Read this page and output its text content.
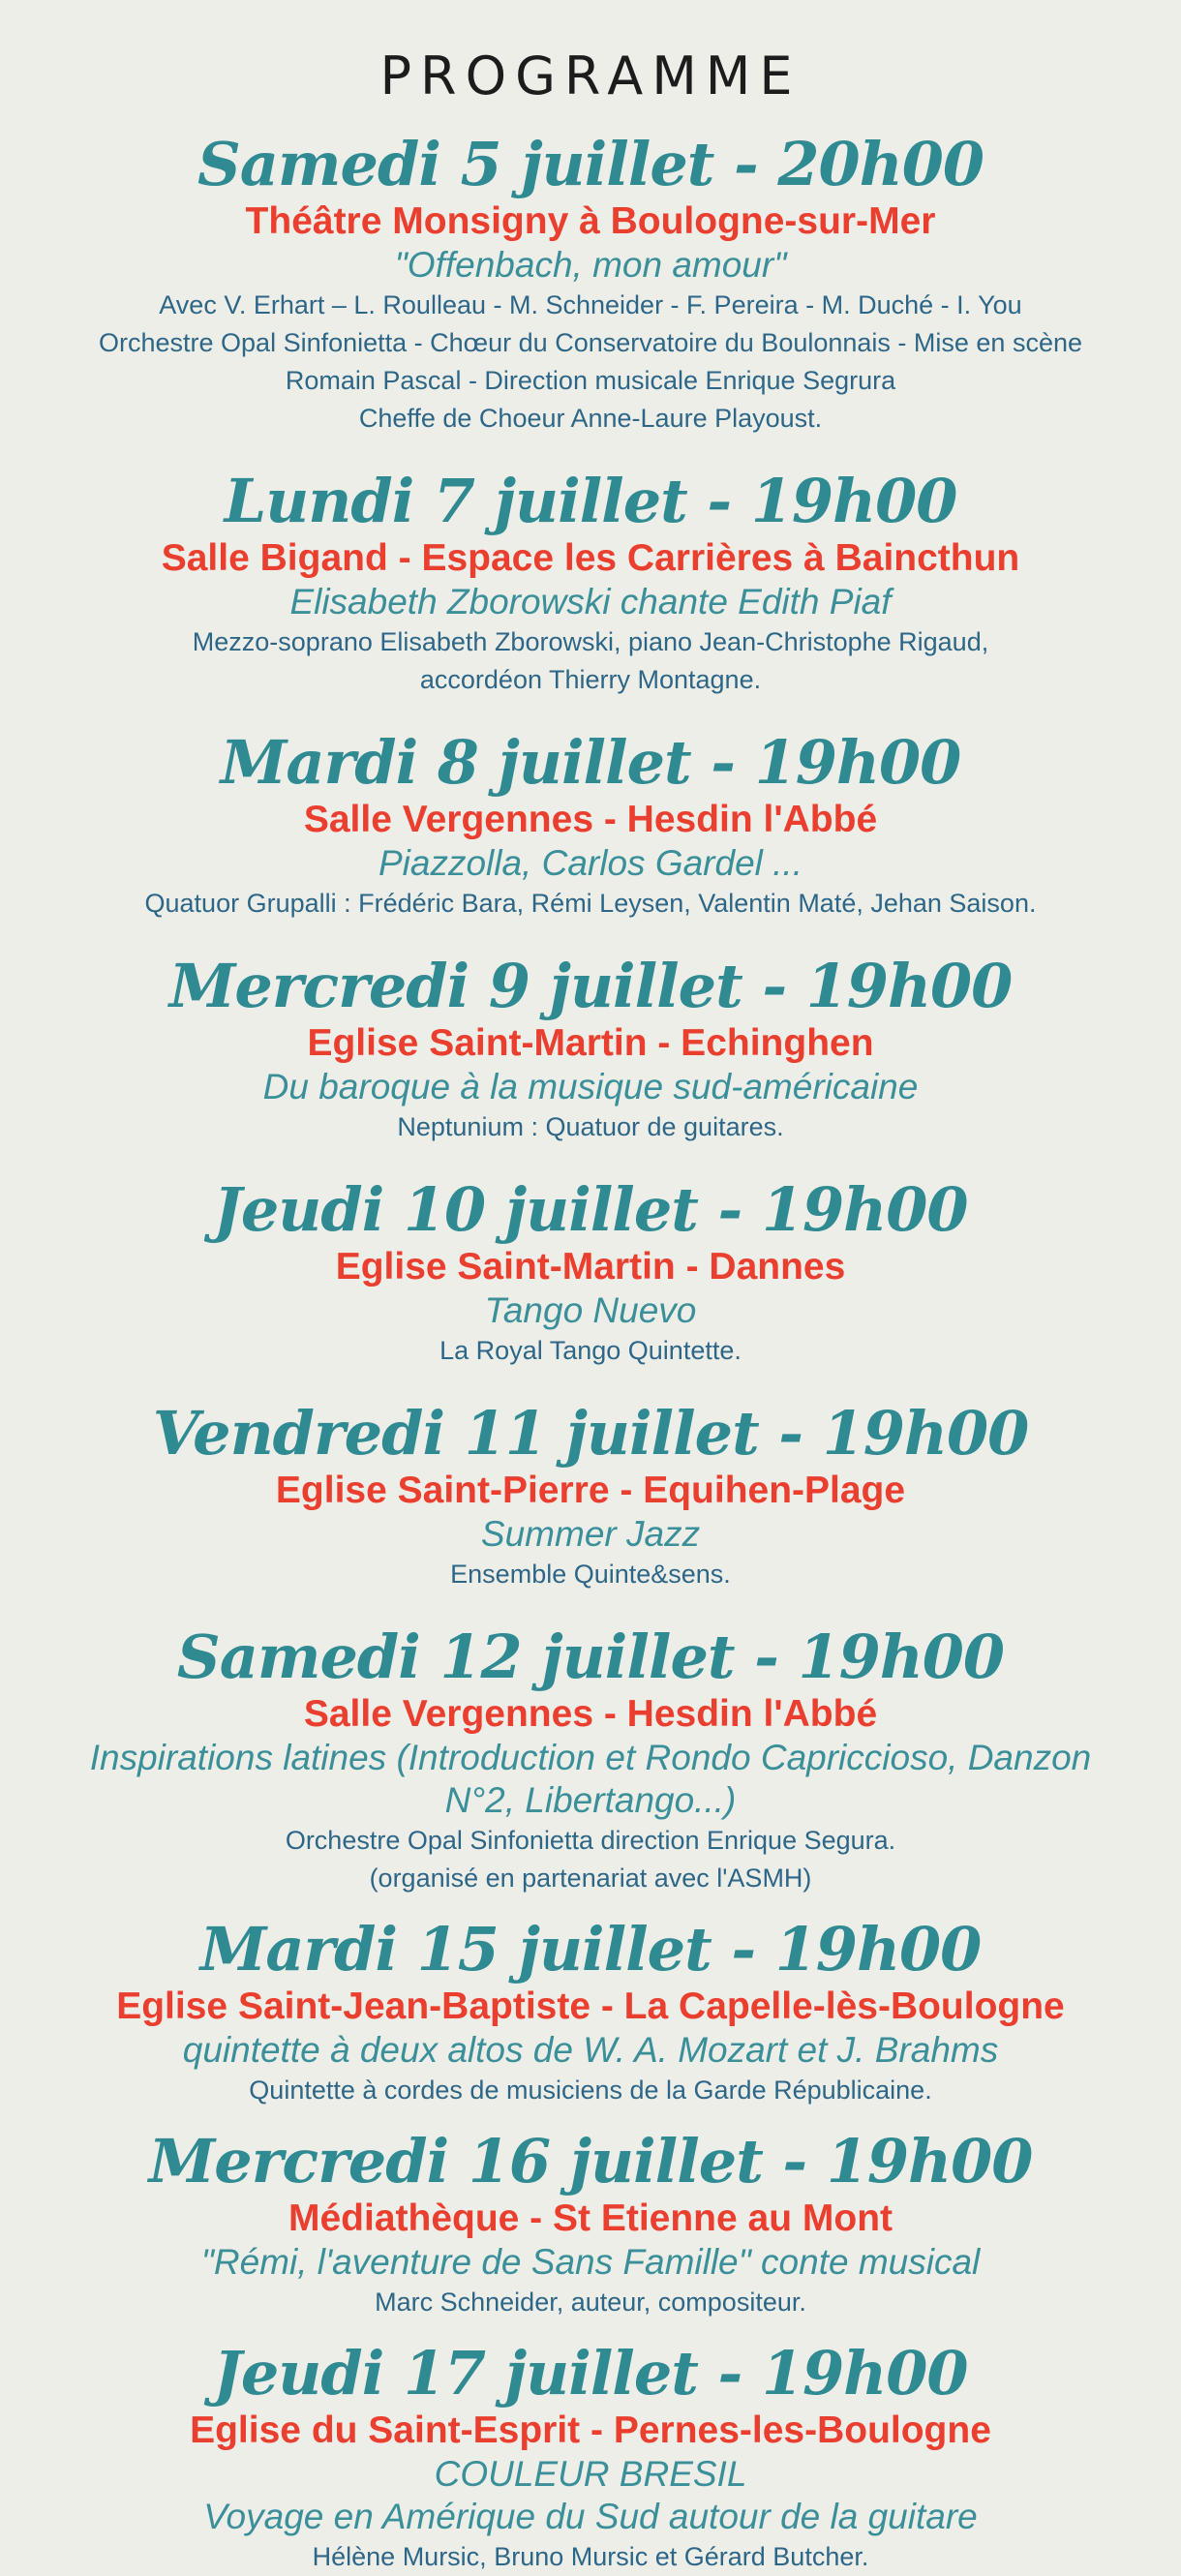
PROGRAMME
Samedi 5 juillet - 20h00
Théâtre Monsigny à Boulogne-sur-Mer
"Offenbach, mon amour"
Avec V. Erhart – L. Roulleau - M. Schneider - F. Pereira - M. Duché - I. You
Orchestre Opal Sinfonietta - Chœur du Conservatoire du Boulonnais - Mise en scène
Romain Pascal - Direction musicale Enrique Segrura
Cheffe de Choeur Anne-Laure Playoust.
Lundi 7 juillet - 19h00
Salle Bigand - Espace les Carrières à Baincthun
Elisabeth Zborowski chante Edith Piaf
Mezzo-soprano Elisabeth Zborowski, piano Jean-Christophe Rigaud,
accordéon Thierry Montagne.
Mardi 8 juillet - 19h00
Salle Vergennes - Hesdin l'Abbé
Piazzolla, Carlos Gardel ...
Quatuor Grupalli : Frédéric Bara, Rémi Leysen, Valentin Maté, Jehan Saison.
Mercredi 9 juillet - 19h00
Eglise Saint-Martin - Echinghen
Du baroque à la musique sud-américaine
Neptunium : Quatuor de guitares.
Jeudi 10 juillet - 19h00
Eglise Saint-Martin - Dannes
Tango Nuevo
La Royal Tango Quintette.
Vendredi 11 juillet - 19h00
Eglise Saint-Pierre - Equihen-Plage
Summer Jazz
Ensemble Quinte&sens.
Samedi 12 juillet - 19h00
Salle Vergennes - Hesdin l'Abbé
Inspirations latines (Introduction et Rondo Capriccioso, Danzon
N°2, Libertango...)
Orchestre Opal Sinfonietta direction Enrique Segura.
(organisé en partenariat avec l'ASMH)
Mardi 15 juillet - 19h00
Eglise Saint-Jean-Baptiste - La Capelle-lès-Boulogne
quintette à deux altos de W. A. Mozart et J. Brahms
Quintette à cordes de musiciens de la Garde Républicaine.
Mercredi 16 juillet - 19h00
Médiathèque - St Etienne au Mont
"Rémi, l'aventure de Sans Famille" conte musical
Marc Schneider, auteur, compositeur.
Jeudi 17 juillet - 19h00
Eglise du Saint-Esprit - Pernes-les-Boulogne
COULEUR BRESIL
Voyage en Amérique du Sud autour de la guitare
Hélène Mursic, Bruno Mursic et Gérard Butcher.
